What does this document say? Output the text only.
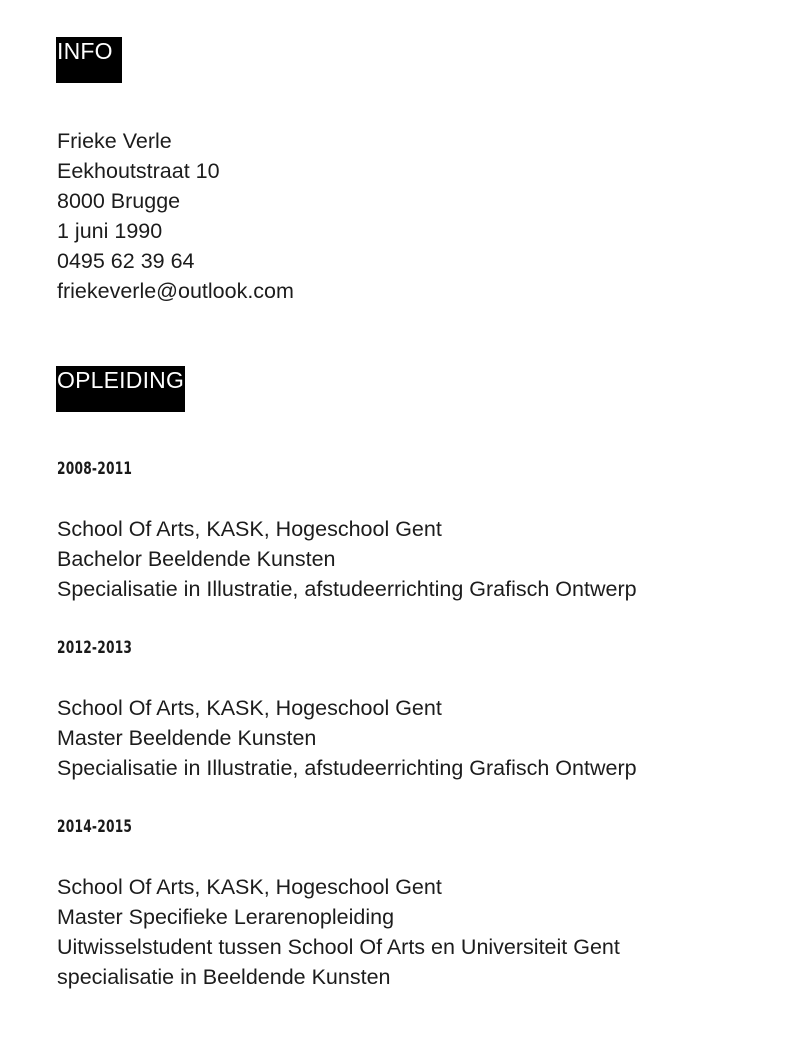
INFO
Frieke Verle
Eekhoutstraat 10
8000 Brugge
1 juni 1990
0495 62 39 64
friekeverle@outlook.com
OPLEIDING
2008-2011
School Of Arts, KASK, Hogeschool Gent
Bachelor Beeldende Kunsten
Specialisatie in Illustratie, afstudeerrichting Grafisch Ontwerp
2012-2013
School Of Arts, KASK, Hogeschool Gent
Master Beeldende Kunsten
Specialisatie in Illustratie, afstudeerrichting Grafisch Ontwerp
2014-2015
School Of Arts, KASK, Hogeschool Gent
Master Specifieke Lerarenopleiding
Uitwisselstudent tussen School Of Arts en Universiteit Gent
specialisatie in Beeldende Kunsten
